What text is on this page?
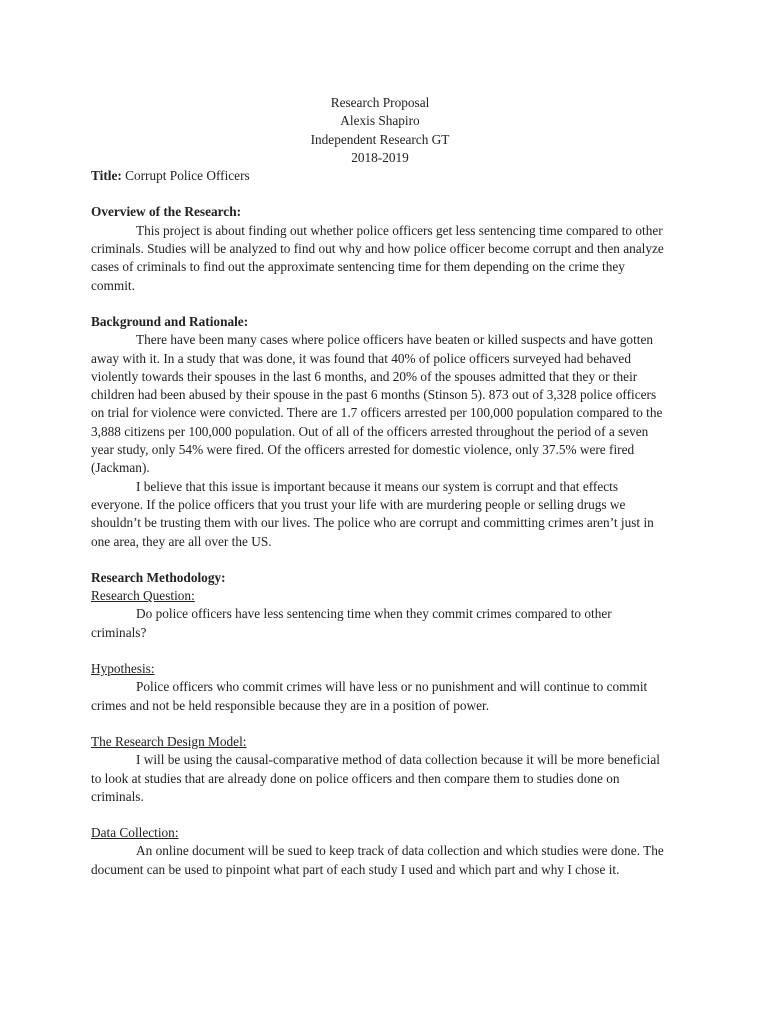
Research Proposal
Alexis Shapiro
Independent Research GT
2018-2019
Title: Corrupt Police Officers
Overview of the Research:

This project is about finding out whether police officers get less sentencing time compared to other criminals. Studies will be analyzed to find out why and how police officer become corrupt and then analyze cases of criminals to find out the approximate sentencing time for them depending on the crime they commit.

Background and Rationale:

There have been many cases where police officers have beaten or killed suspects and have gotten away with it. In a study that was done, it was found that 40% of police officers surveyed had behaved violently towards their spouses in the last 6 months, and 20% of the spouses admitted that they or their children had been abused by their spouse in the past 6 months (Stinson 5). 873 out of 3,328 police officers on trial for violence were convicted. There are 1.7 officers arrested per 100,000 population compared to the 3,888 citizens per 100,000 population. Out of all of the officers arrested throughout the period of a seven year study, only 54% were fired. Of the officers arrested for domestic violence, only 37.5% were fired (Jackman).

I believe that this issue is important because it means our system is corrupt and that effects everyone. If the police officers that you trust your life with are murdering people or selling drugs we shouldn’t be trusting them with our lives. The police who are corrupt and committing crimes aren’t just in one area, they are all over the US.

Research Methodology:
Research Question:

Do police officers have less sentencing time when they commit crimes compared to other criminals?

Hypothesis:

Police officers who commit crimes will have less or no punishment and will continue to commit crimes and not be held responsible because they are in a position of power.

The Research Design Model:

I will be using the causal-comparative method of data collection because it will be more beneficial to look at studies that are already done on police officers and then compare them to studies done on criminals.

Data Collection:

An online document will be sued to keep track of data collection and which studies were done. The document can be used to pinpoint what part of each study I used and which part and why I chose it.
